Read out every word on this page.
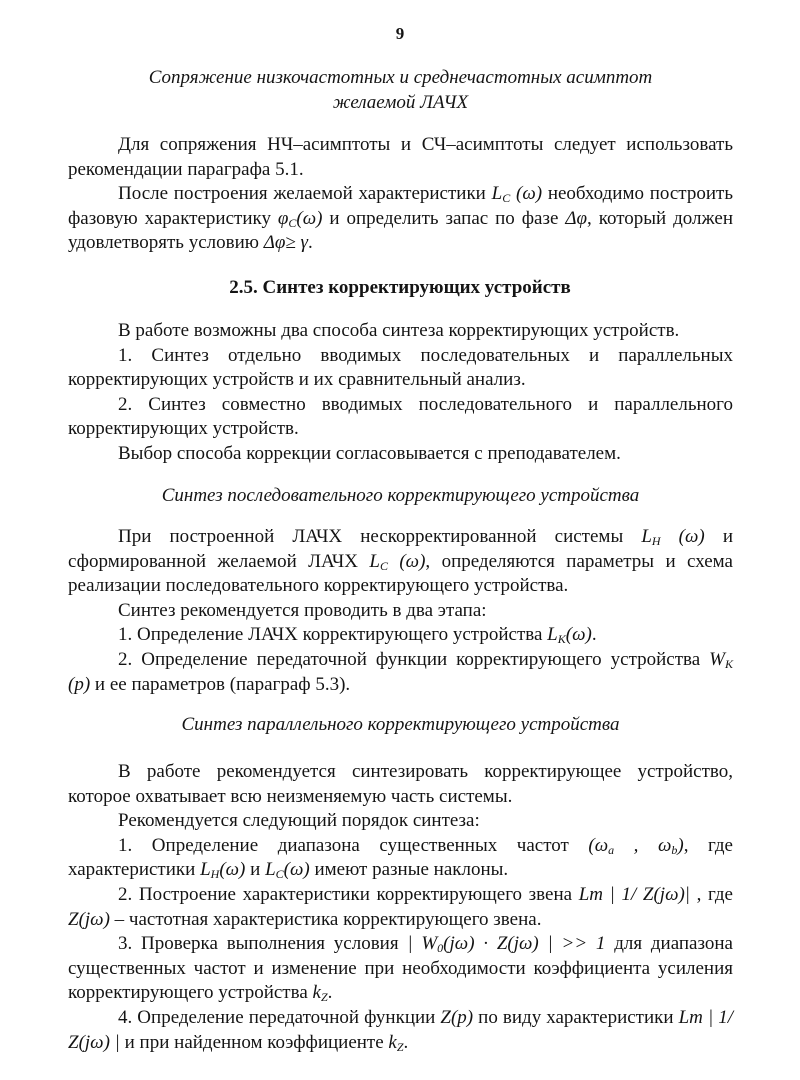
9
Сопряжение низкочастотных и среднечастотных асимптот
желаемой ЛАЧХ

Для сопряжения НЧ–асимптоты и СЧ–асимптоты следует использовать рекомендации параграфа 5.1.

После построения желаемой характеристики $L_C$ (ω) необходимо построить фазовую характеристику $\varphi_C(\omega)$ и определить запас по фазе Δφ, который должен удовлетворять условию Δφ≥ γ.

2.5. Синтез корректирующих устройств

В работе возможны два способа синтеза корректирующих устройств.

1. Синтез отдельно вводимых последовательных и параллельных корректирующих устройств и их сравнительный анализ.

2. Синтез совместно вводимых последовательного и параллельного корректирующих устройств.

Выбор способа коррекции согласовывается с преподавателем.

Синтез последовательного корректирующего устройства

При построенной ЛАЧХ нескорректированной системы $L_H$ (ω) и сформированной желаемой ЛАЧХ $L_C$ (ω), определяются параметры и схема реализации последовательного корректирующего устройства.

Синтез рекомендуется проводить в два этапа:

1. Определение ЛАЧХ корректирующего устройства $L_K(\omega)$.

2. Определение передаточной функции корректирующего устройства $W_K$ (p) и ее параметров (параграф 5.3).

Синтез параллельного корректирующего устройства

В работе рекомендуется синтезировать корректирующее устройство, которое охватывает всю неизменяемую часть системы.

Рекомендуется следующий порядок синтеза:

1. Определение диапазона существенных частот ($\omega_a$ , $\omega_b$), где характеристики $L_H(\omega)$ и $L_C(\omega)$ имеют разные наклоны.

2. Построение характеристики корректирующего звена Lm | 1/ Z(jω)| , где Z(jω) – частотная характеристика корректирующего звена.

3. Проверка выполнения условия | $W_0(j\omega) \cdot Z(j\omega)$ | >> 1 для диапазона существенных частот и изменение при необходимости коэффициента усиления корректирующего устройства $k_Z$.

4. Определение передаточной функции Z(p) по виду характеристики Lm | 1/ Z(jω) | и при найденном коэффициенте $k_Z$.
